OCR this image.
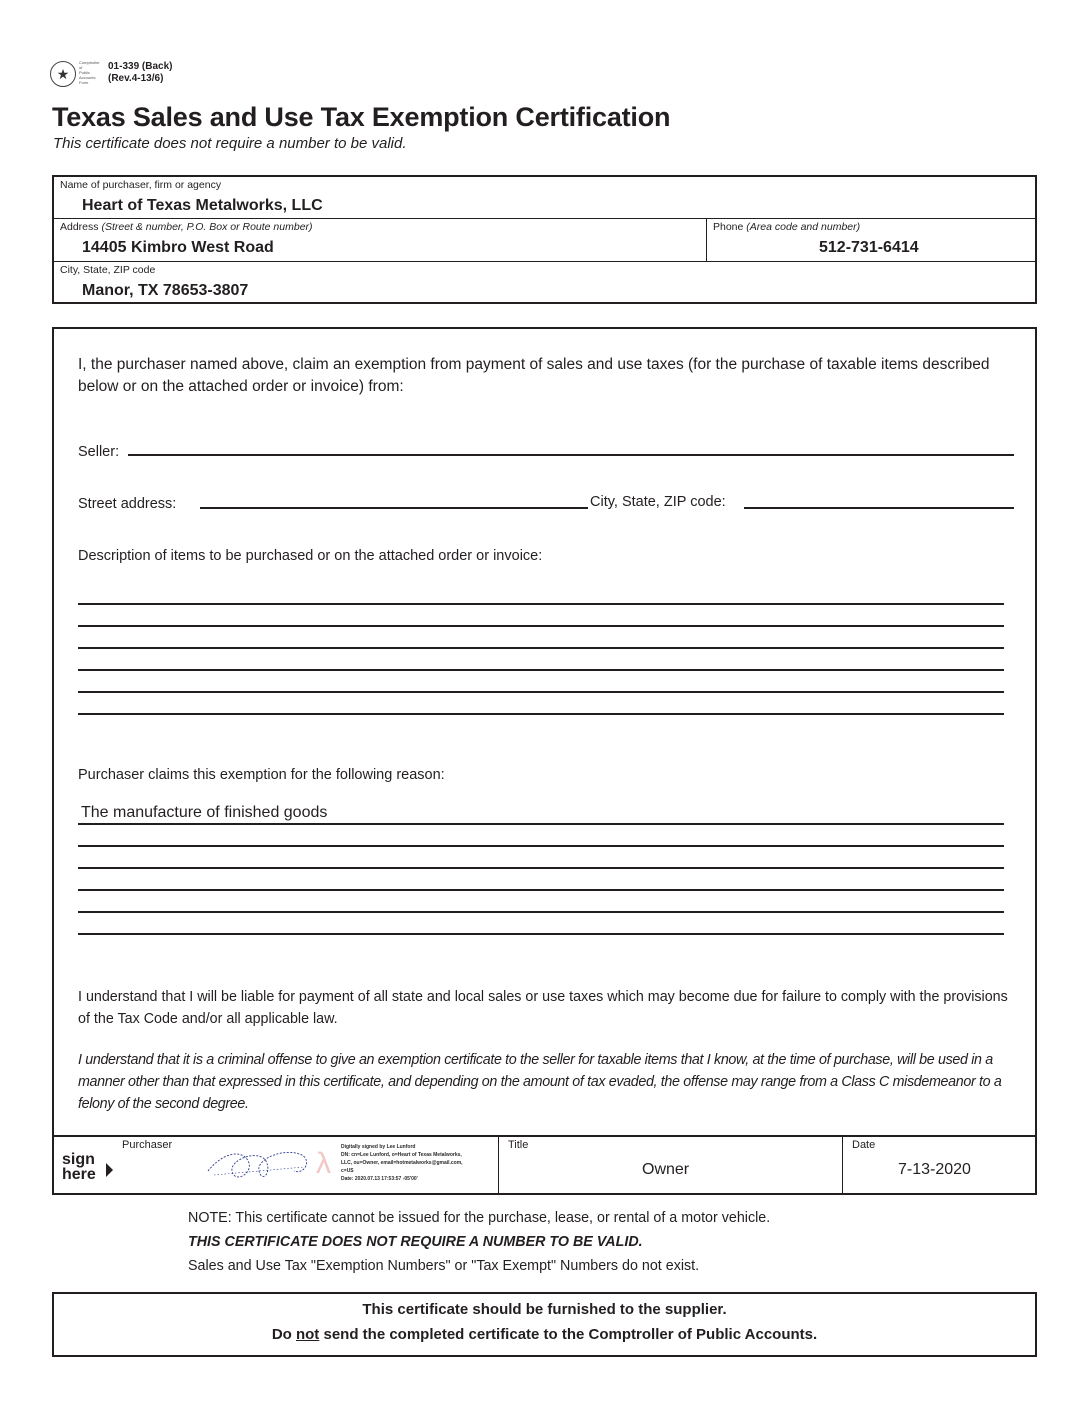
★
Comptroller of Public Accounts Form
01-339 (Back)
(Rev.4-13/6)
Texas Sales and Use Tax Exemption Certification
This certificate does not require a number to be valid.
Name of purchaser, firm or agency
Heart of Texas Metalworks, LLC
Address (Street & number, P.O. Box or Route number)
14405 Kimbro West Road
Phone (Area code and number)
512-731-6414
City, State, ZIP code
Manor, TX 78653-3807
I, the purchaser named above, claim an exemption from payment of sales and use taxes (for the purchase of taxable items described below or on the attached order or invoice) from:
Seller:
Street address:	City, State, ZIP code:
Description of items to be purchased or on the attached order or invoice:
Purchaser claims this exemption for the following reason:
The manufacture of finished goods
I understand that I will be liable for payment of all state and local sales or use taxes which may become due for failure to comply with the provisions of the Tax Code and/or all applicable law.
I understand that it is a criminal offense to give an exemption certificate to the seller for taxable items that I know, at the time of purchase, will be used in a manner other than that expressed in this certificate, and depending on the amount of tax evaded, the offense may range from a Class C misdemeanor to a felony of the second degree.
sign here
Purchaser
λ Digitally signed by Lee Lunford
DN: cn=Lee Lunford, o=Heart of Texas Metalworks,
LLC, ou=Owner, email=hotmetalworks@gmail.com,
c=US
Date: 2020.07.13 17:53:57 -05'00'
Title
Owner
Date
7-13-2020
NOTE: This certificate cannot be issued for the purchase, lease, or rental of a motor vehicle.
THIS CERTIFICATE DOES NOT REQUIRE A NUMBER TO BE VALID.
Sales and Use Tax "Exemption Numbers" or "Tax Exempt" Numbers do not exist.
This certificate should be furnished to the supplier.
Do not send the completed certificate to the Comptroller of Public Accounts.
